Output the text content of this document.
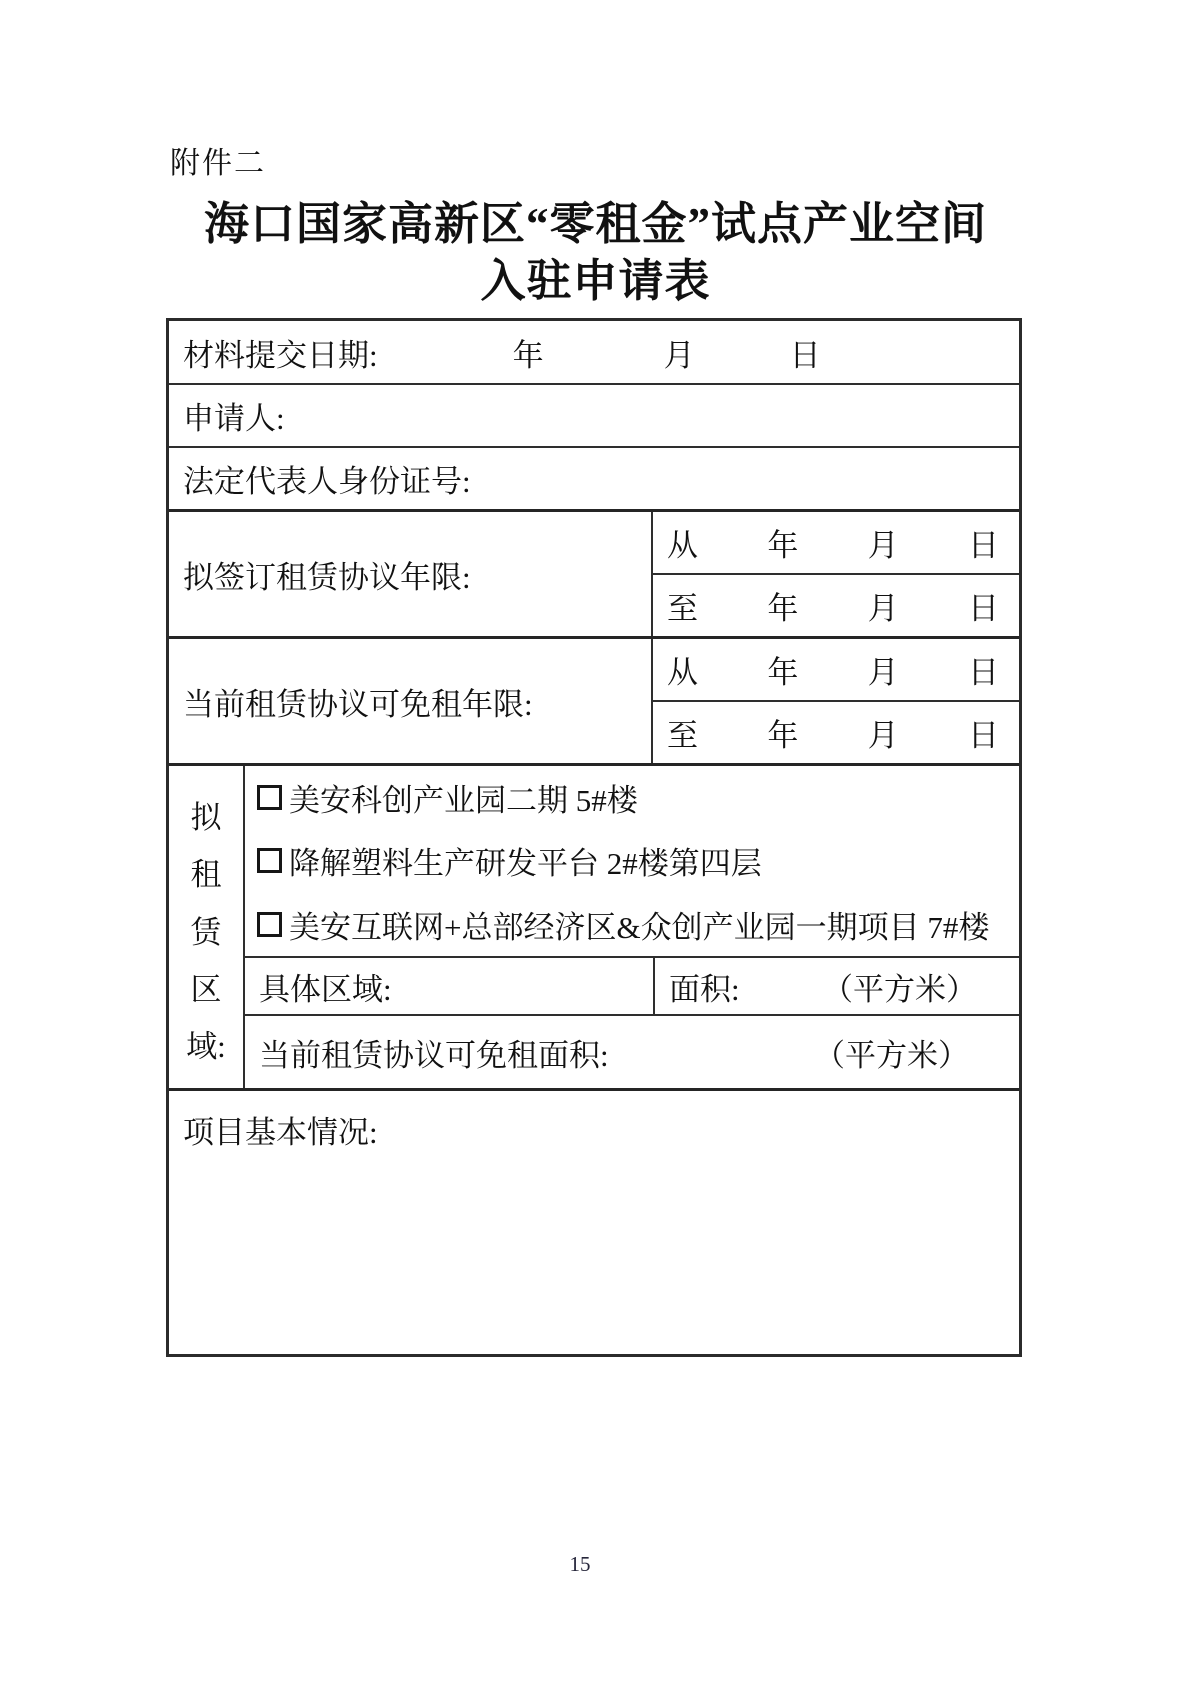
附件二
海口国家高新区“零租金”试点产业空间
入驻申请表
材料提交日期:	年	月	日
申请人:
法定代表人身份证号:
拟签订租赁协议年限:
从 年 月 日
至 年 月 日
当前租赁协议可免租年限:
从 年 月 日
至 年 月 日
拟
租
赁
区
域:
美安科创产业园二期 5#楼
降解塑料生产研发平台 2#楼第四层
美安互联网+总部经济区&众创产业园一期项目 7#楼
具体区域:	面积:	（平方米）
当前租赁协议可免租面积:	（平方米）
项目基本情况:
15
